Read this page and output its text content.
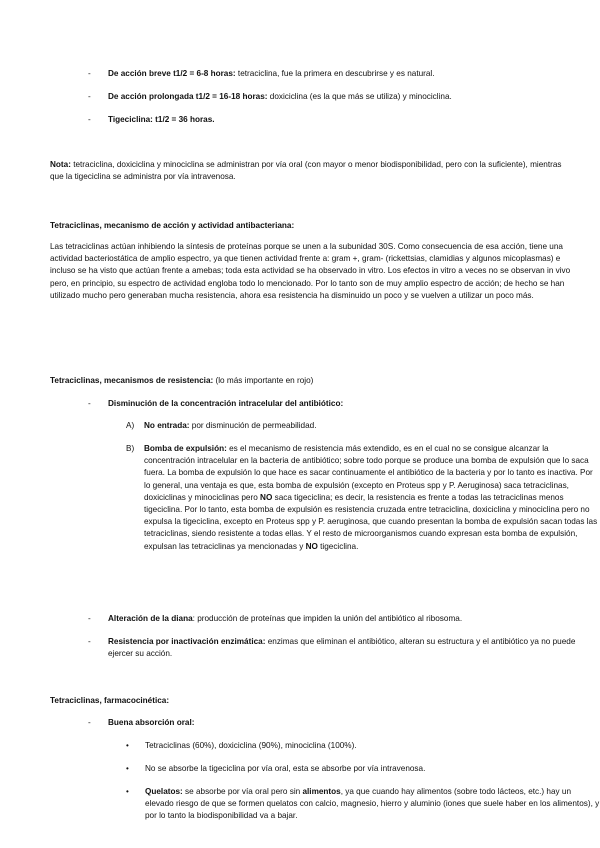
-	De acción breve t1/2 = 6-8 horas: tetraciclina, fue la primera en descubrirse y es natural.

-	De acción prolongada t1/2 = 16-18 horas: doxiciclina (es la que más se utiliza) y minociclina.

-	Tigeciclina: t1/2 = 36 horas.

Nota: tetraciclina, doxiciclina y minociclina se administran por vía oral (con mayor o menor biodisponibilidad, pero con la suficiente), mientras que la tigeciclina se administra por vía intravenosa.

Tetraciclinas, mecanismo de acción y actividad antibacteriana:

Las tetraciclinas actúan inhibiendo la síntesis de proteínas porque se unen a la subunidad 30S. Como consecuencia de esa acción, tiene una actividad bacteriostática de amplio espectro, ya que tienen actividad frente a: gram +, gram- (rickettsias, clamidias y algunos micoplasmas) e incluso se ha visto que actúan frente a amebas; toda esta actividad se ha observado in vitro. Los efectos in vitro a veces no se observan in vivo pero, en principio, su espectro de actividad engloba todo lo mencionado. Por lo tanto son de muy amplio espectro de acción; de hecho se han utilizado mucho pero generaban mucha resistencia, ahora esa resistencia ha disminuido un poco y se vuelven a utilizar un poco más.

Tetraciclinas, mecanismos de resistencia: (lo más importante en rojo)

-	Disminución de la concentración intracelular del antibiótico:

A)	No entrada: por disminución de permeabilidad.

B)	Bomba de expulsión: es el mecanismo de resistencia más extendido, es en el cual no se consigue alcanzar la concentración intracelular en la bacteria de antibiótico; sobre todo porque se produce una bomba de expulsión que lo saca fuera. La bomba de expulsión lo que hace es sacar continuamente el antibiótico de la bacteria y por lo tanto es inactiva. Por lo general, una ventaja es que, esta bomba de expulsión (excepto en Proteus spp y P. Aeruginosa) saca tetraciclinas, doxiciclinas y minociclinas pero NO saca tigeciclina; es decir, la resistencia es frente a todas las tetraciclinas menos tigeciclina. Por lo tanto, esta bomba de expulsión es resistencia cruzada entre tetraciclina, doxiciclina y minociclina pero no expulsa la tigeciclina, excepto en Proteus spp y P. aeruginosa, que cuando presentan la bomba de expulsión sacan todas las tetraciclinas, siendo resistente a todas ellas. Y el resto de microorganismos cuando expresan esta bomba de expulsión, expulsan las tetraciclinas ya mencionadas y NO tigeciclina.

-	Alteración de la diana: producción de proteínas que impiden la unión del antibiótico al ribosoma.

-	Resistencia por inactivación enzimática: enzimas que eliminan el antibiótico, alteran su estructura y el antibiótico ya no puede ejercer su acción.

Tetraciclinas, farmacocinética:

-	Buena absorción oral:

•	Tetraciclinas (60%), doxiciclina (90%), minociclina (100%).

•	No se absorbe la tigeciclina por vía oral, esta se absorbe por vía intravenosa.

•	Quelatos: se absorbe por vía oral pero sin alimentos, ya que cuando hay alimentos (sobre todo lácteos, etc.) hay un elevado riesgo de que se formen quelatos con calcio, magnesio, hierro y aluminio (iones que suele haber en los alimentos), y por lo tanto la biodisponibilidad va a bajar.
